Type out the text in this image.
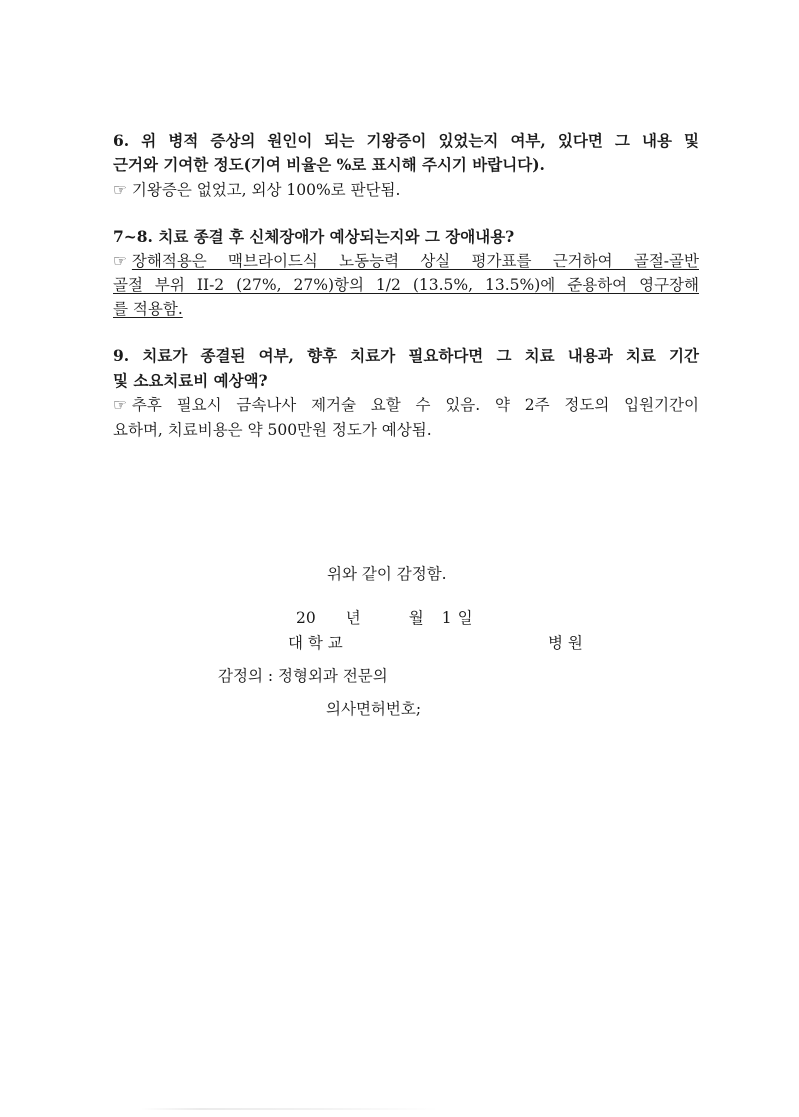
6. 위 병적 증상의 원인이 되는 기왕증이 있었는지 여부, 있다면 그 내용 및
근거와 기여한 정도(기여 비율은 %로 표시해 주시기 바랍니다).
☞ 기왕증은 없었고, 외상 100%로 판단됨.
7~8. 치료 종결 후 신체장애가 예상되는지와 그 장애내용?
☞ 장해적용은 맥브라이드식 노동능력 상실 평가표를 근거하여 골절-골반
골절 부위 II-2 (27%, 27%)항의 1/2 (13.5%, 13.5%)에 준용하여 영구장해
를 적용함.
9. 치료가 종결된 여부, 향후 치료가 필요하다면 그 치료 내용과 치료 기간
및 소요치료비 예상액?
☞ 추후 필요시 금속나사 제거술 요할 수 있음. 약 2주 정도의 입원기간이
요하며, 치료비용은 약 500만원 정도가 예상됨.
위와 같이 감정함.
20 년	월 1 일
대 학 교	병 원
감정의 : 정형외과 전문의
의사면허번호;
